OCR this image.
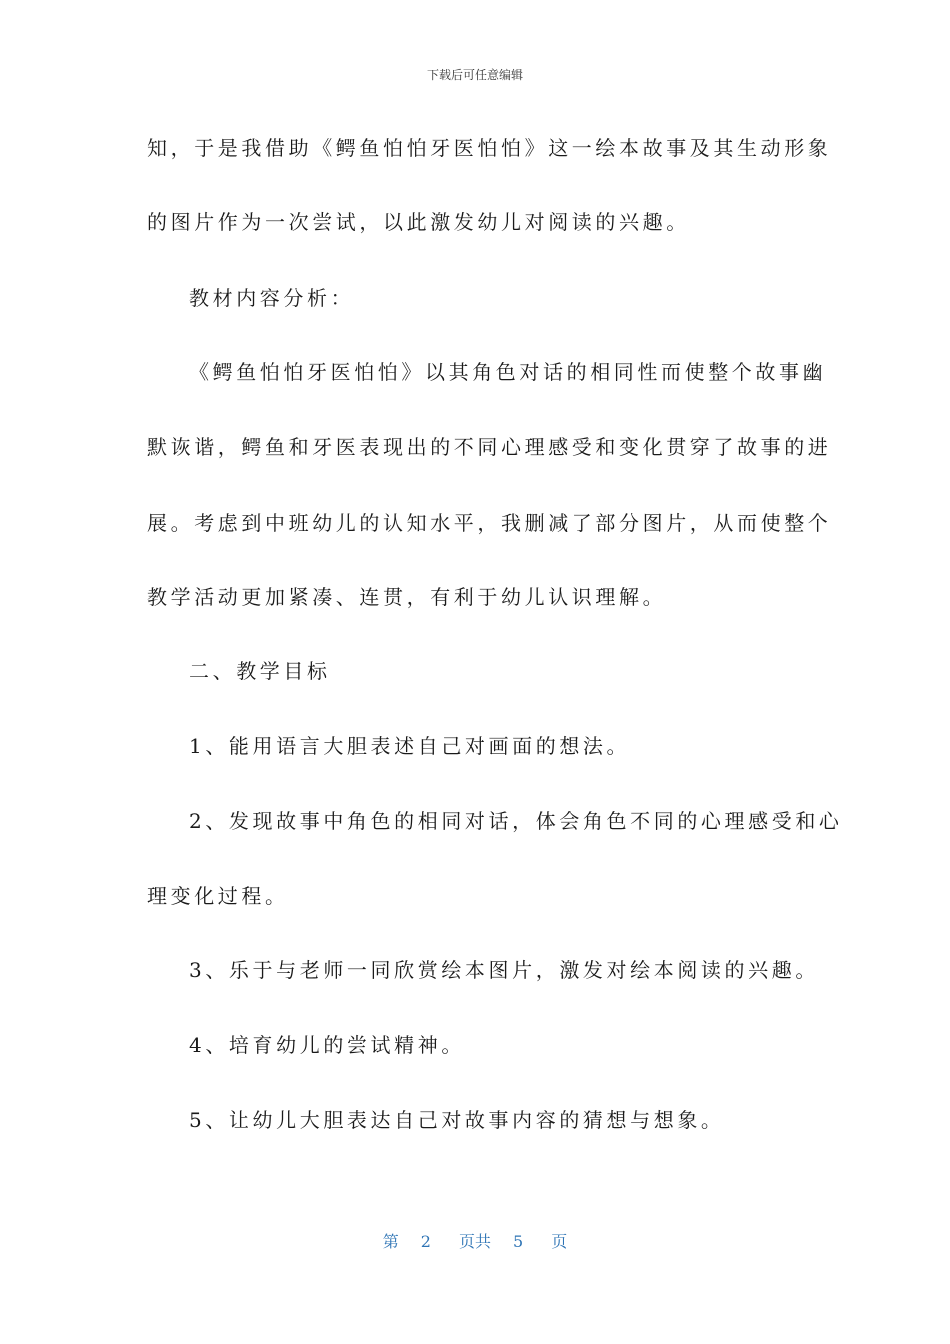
下载后可任意编辑
知，于是我借助《鳄鱼怕怕牙医怕怕》这一绘本故事及其生动形象
的图片作为一次尝试，以此激发幼儿对阅读的兴趣。
教材内容分析：
《鳄鱼怕怕牙医怕怕》以其角色对话的相同性而使整个故事幽
默诙谐，鳄鱼和牙医表现出的不同心理感受和变化贯穿了故事的进
展。考虑到中班幼儿的认知水平，我删减了部分图片，从而使整个
教学活动更加紧凑、连贯，有利于幼儿认识理解。
二、教学目标
1、能用语言大胆表述自己对画面的想法。
2、发现故事中角色的相同对话，体会角色不同的心理感受和心
理变化过程。
3、乐于与老师一同欣赏绘本图片，激发对绘本阅读的兴趣。
4、培育幼儿的尝试精神。
5、让幼儿大胆表达自己对故事内容的猜想与想象。
第 2 页共 5 页
